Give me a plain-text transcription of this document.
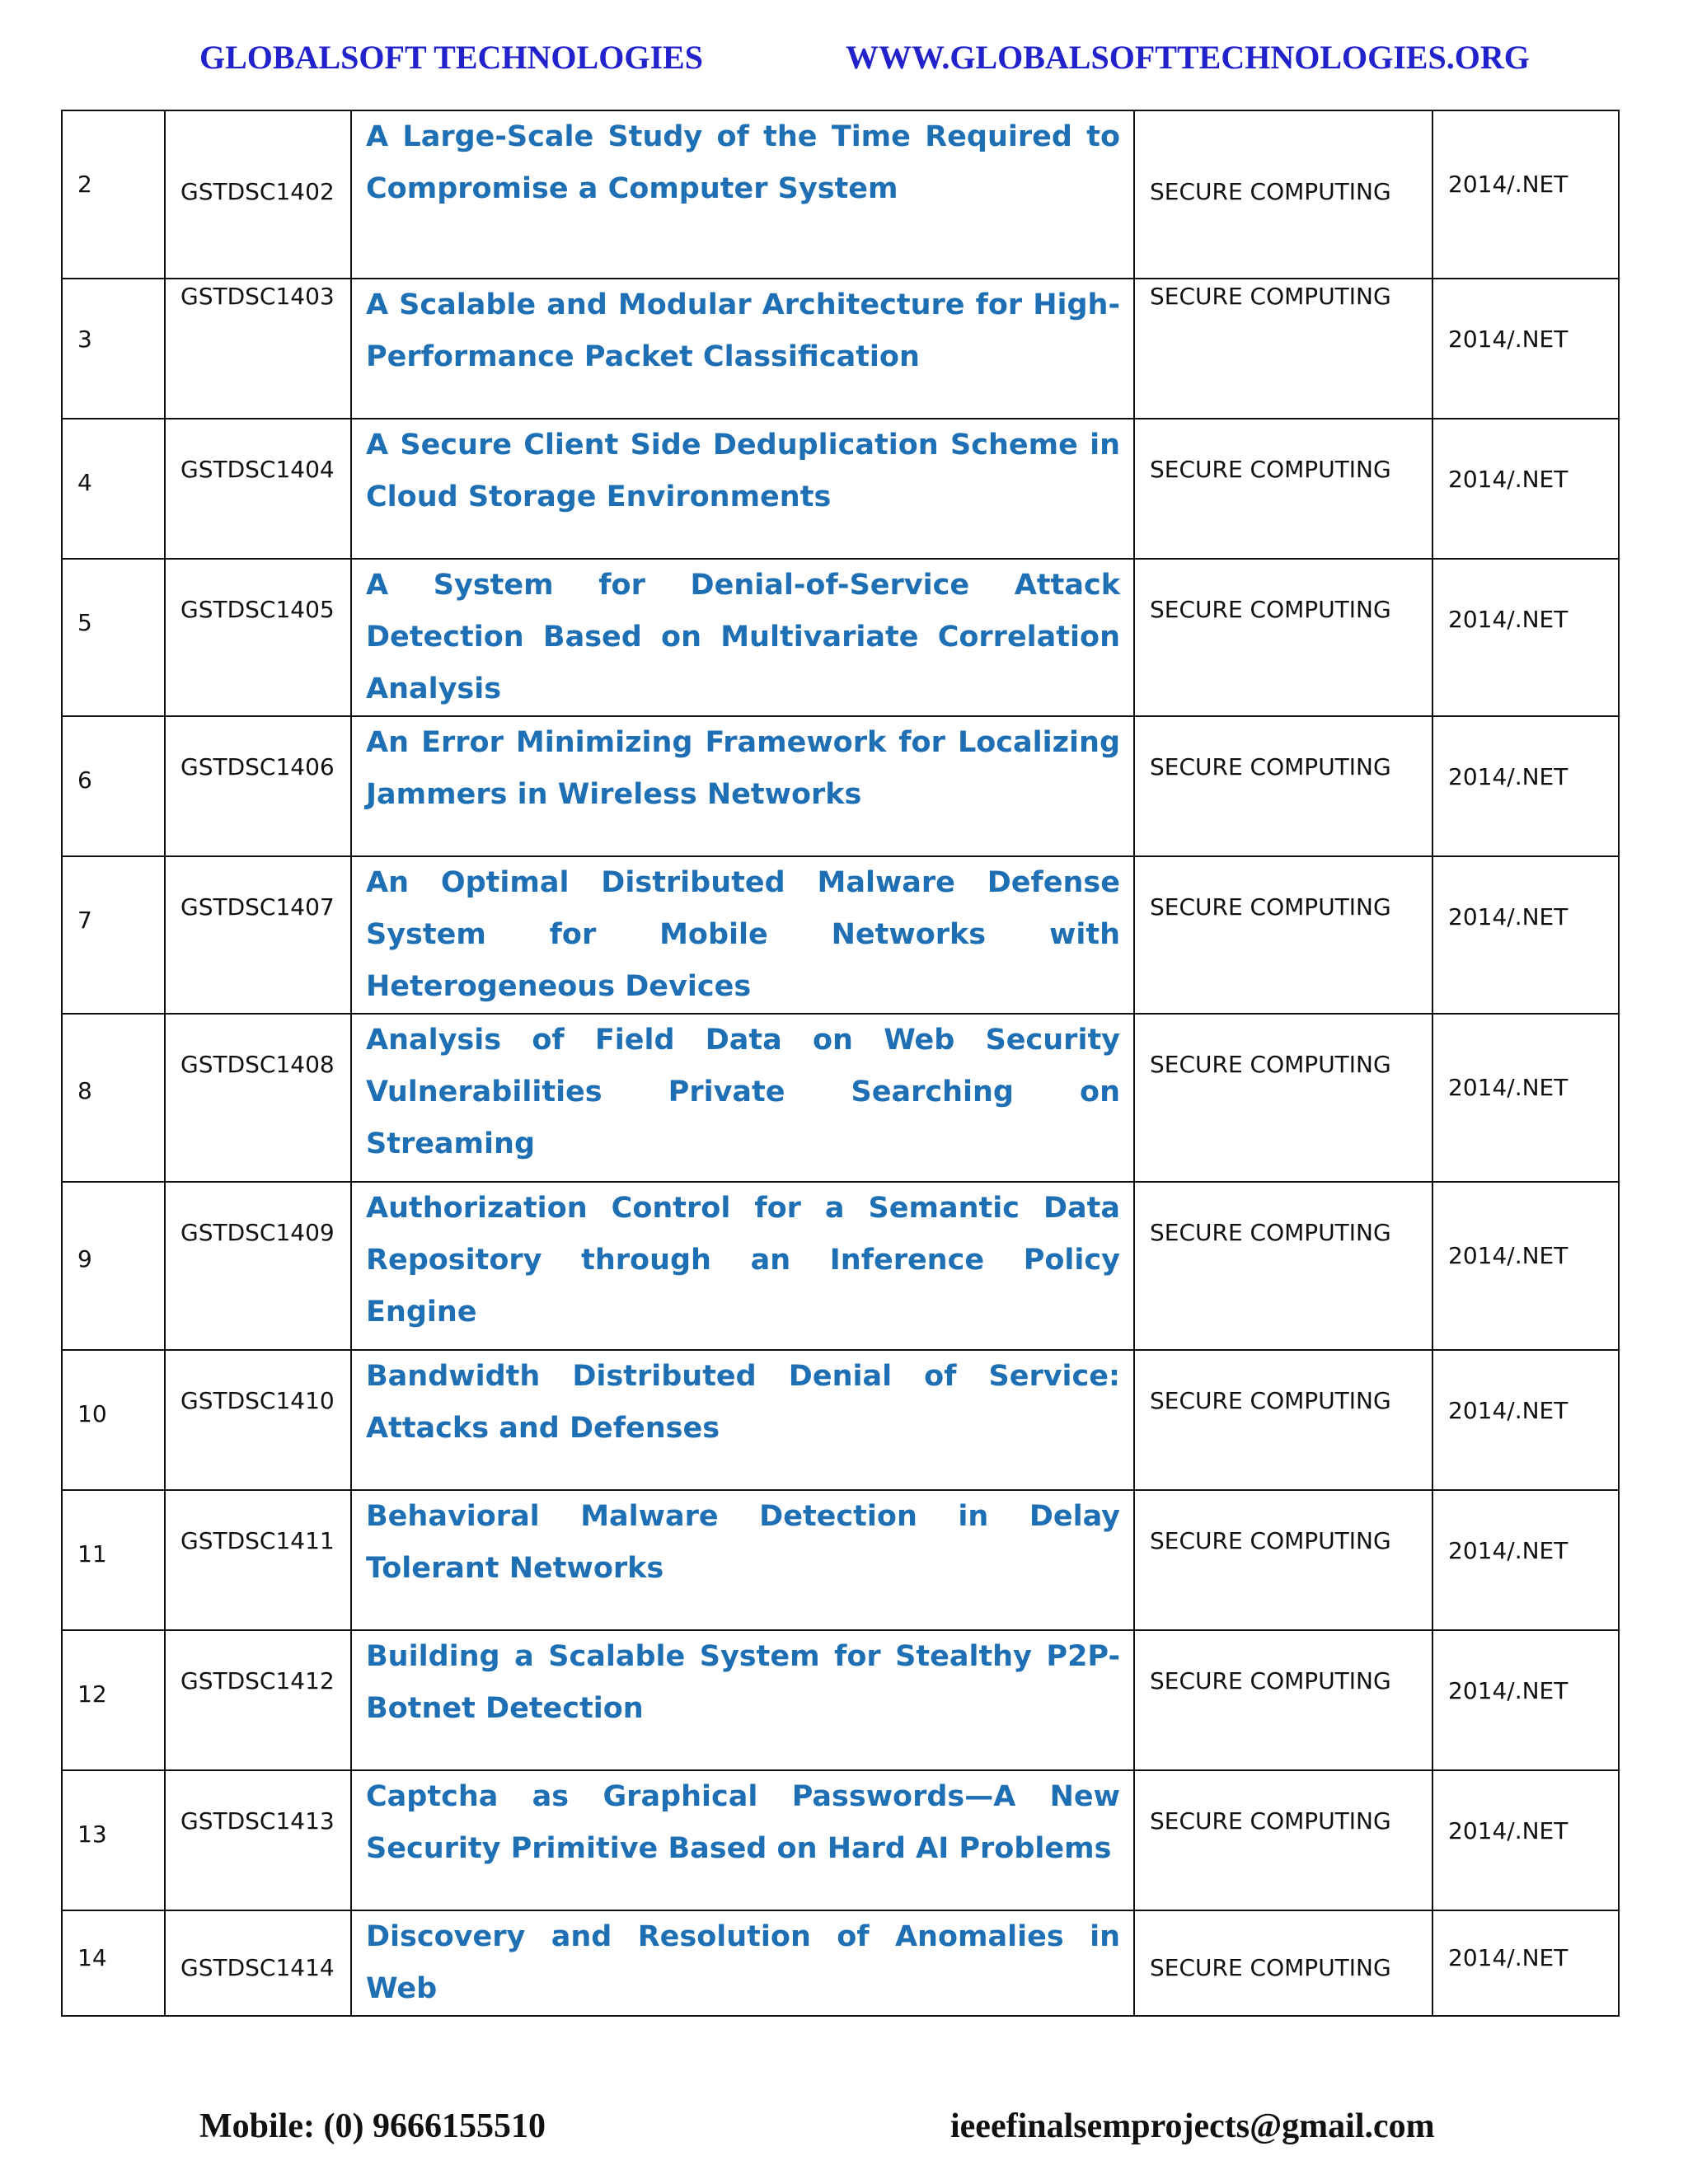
GLOBALSOFT TECHNOLOGIES	WWW.GLOBALSOFTTECHNOLOGIES.ORG
2	GSTDSC1402	A Large-Scale Study of the Time Required to Compromise a Computer System	SECURE COMPUTING	2014/.NET

3	GSTDSC1403	A Scalable and Modular Architecture for High-Performance Packet Classification	SECURE COMPUTING	2014/.NET

4	GSTDSC1404	A Secure Client Side Deduplication Scheme in Cloud Storage Environments	SECURE COMPUTING	2014/.NET

5	GSTDSC1405	A System for Denial-of-Service Attack Detection Based on Multivariate Correlation Analysis	SECURE COMPUTING	2014/.NET

6	GSTDSC1406	An Error Minimizing Framework for Localizing Jammers in Wireless Networks	SECURE COMPUTING	2014/.NET

7	GSTDSC1407	An Optimal Distributed Malware Defense System for Mobile Networks with Heterogeneous Devices	SECURE COMPUTING	2014/.NET

8	GSTDSC1408	Analysis of Field Data on Web Security Vulnerabilities Private Searching on Streaming	SECURE COMPUTING	2014/.NET

9	GSTDSC1409	Authorization Control for a Semantic Data Repository through an Inference Policy Engine	SECURE COMPUTING	2014/.NET

10	GSTDSC1410	Bandwidth Distributed Denial of Service: Attacks and Defenses	SECURE COMPUTING	2014/.NET

11	GSTDSC1411	Behavioral Malware Detection in Delay Tolerant Networks	SECURE COMPUTING	2014/.NET

12	GSTDSC1412	Building a Scalable System for Stealthy P2P-Botnet Detection	SECURE COMPUTING	2014/.NET

13	GSTDSC1413	Captcha as Graphical Passwords—A New Security Primitive Based on Hard AI Problems	SECURE COMPUTING	2014/.NET

14	GSTDSC1414	Discovery and Resolution of Anomalies in Web	SECURE COMPUTING	2014/.NET
Mobile: (0) 9666155510	ieeefinalsemprojects@gmail.com
